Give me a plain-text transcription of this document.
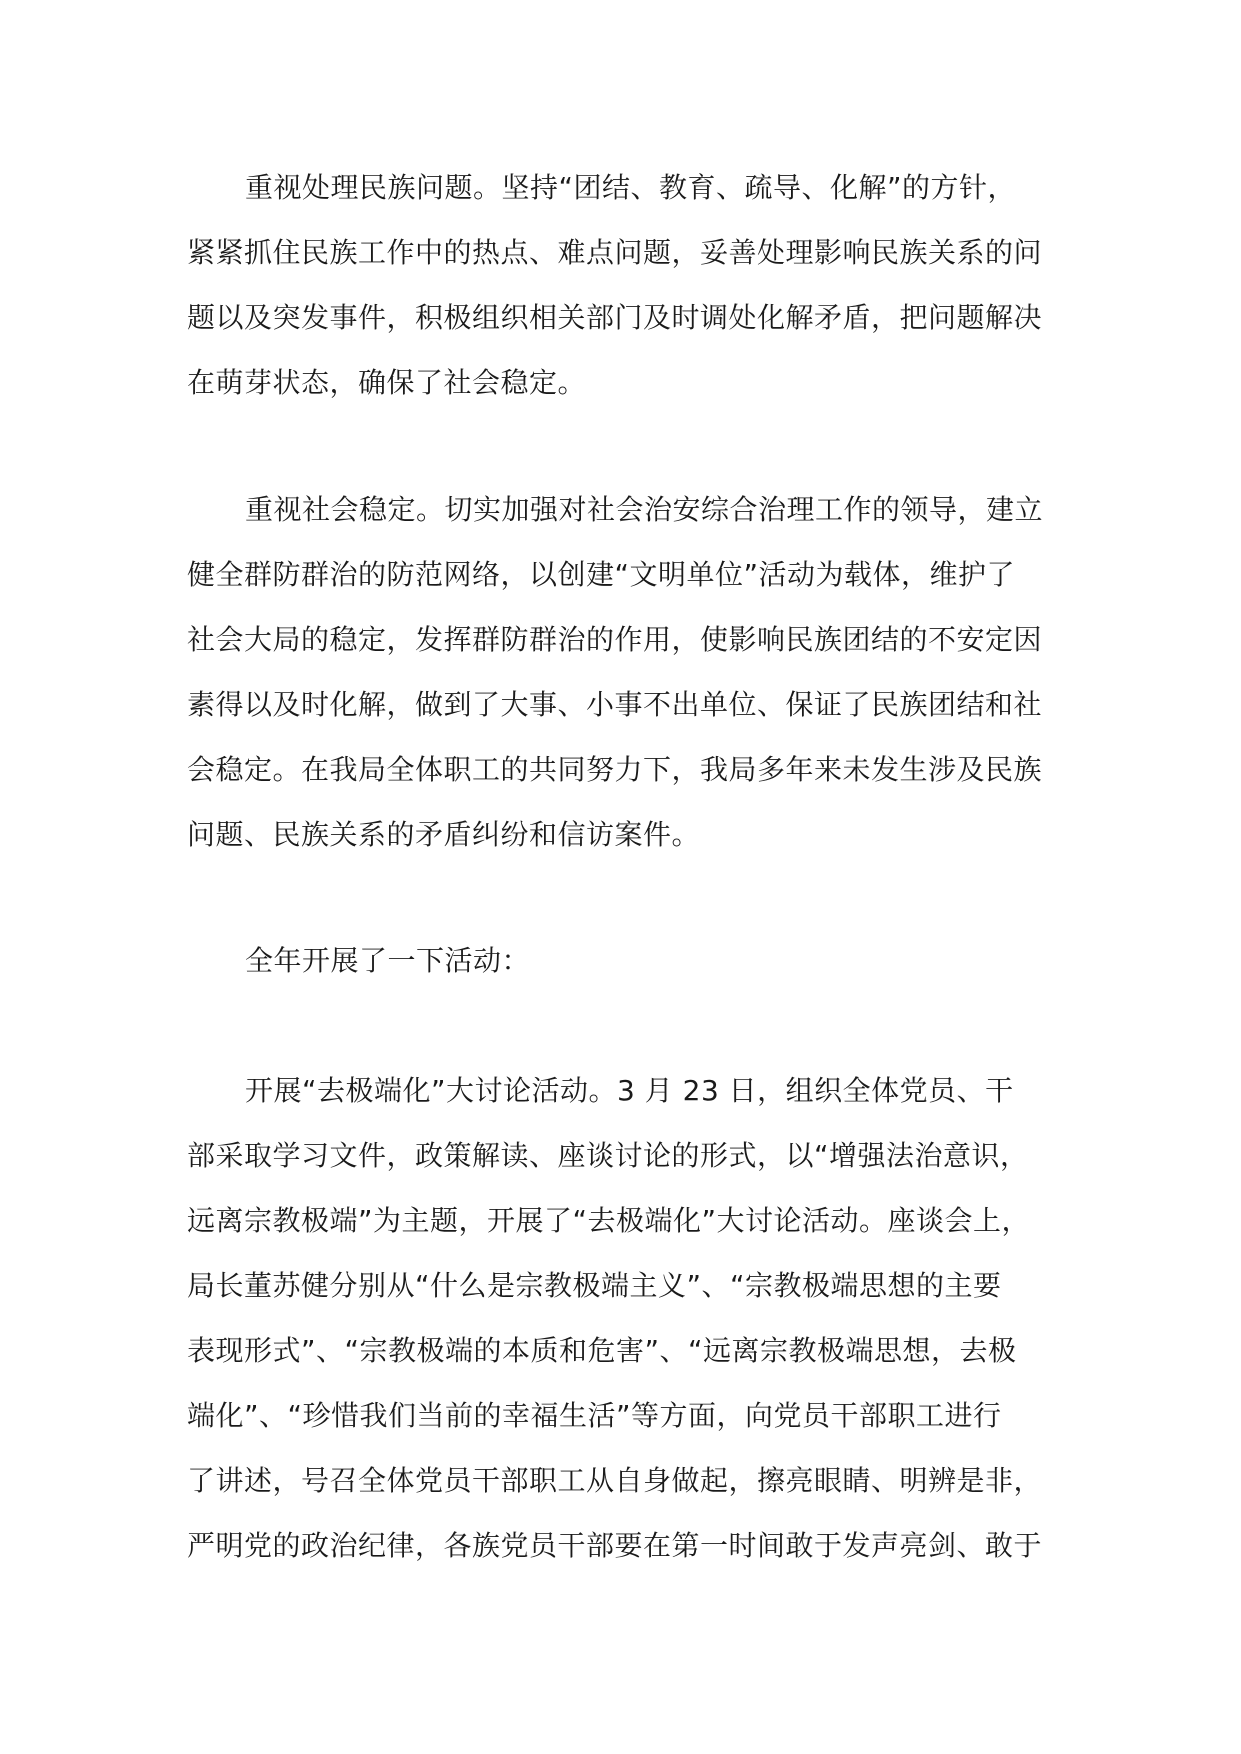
重视处理民族问题。坚持“团结、教育、疏导、化解”的方针，
紧紧抓住民族工作中的热点、难点问题，妥善处理影响民族关系的问
题以及突发事件，积极组织相关部门及时调处化解矛盾，把问题解决
在萌芽状态，确保了社会稳定。
重视社会稳定。切实加强对社会治安综合治理工作的领导，建立
健全群防群治的防范网络，以创建“文明单位”活动为载体，维护了
社会大局的稳定，发挥群防群治的作用，使影响民族团结的不安定因
素得以及时化解，做到了大事、小事不出单位、保证了民族团结和社
会稳定。在我局全体职工的共同努力下，我局多年来未发生涉及民族
问题、民族关系的矛盾纠纷和信访案件。
全年开展了一下活动：
开展“去极端化”大讨论活动。3 月 23 日，组织全体党员、干
部采取学习文件，政策解读、座谈讨论的形式，以“增强法治意识，
远离宗教极端”为主题，开展了“去极端化”大讨论活动。座谈会上，
局长董苏健分别从“什么是宗教极端主义”、“宗教极端思想的主要
表现形式”、“宗教极端的本质和危害”、“远离宗教极端思想，去极
端化”、“珍惜我们当前的幸福生活”等方面，向党员干部职工进行
了讲述，号召全体党员干部职工从自身做起，擦亮眼睛、明辨是非，
严明党的政治纪律，各族党员干部要在第一时间敢于发声亮剑、敢于
